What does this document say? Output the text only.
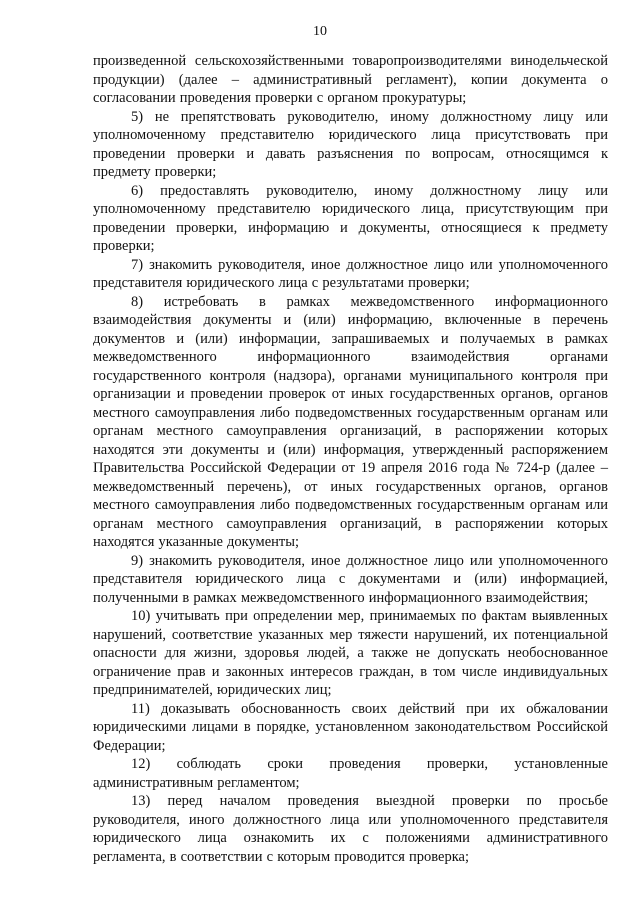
10

произведенной сельскохозяйственными товаропроизводителями винодельческой продукции) (далее – административный регламент), копии документа о согласовании проведения проверки с органом прокуратуры;

5) не препятствовать руководителю, иному должностному лицу или уполномоченному представителю юридического лица присутствовать при проведении проверки и давать разъяснения по вопросам, относящимся к предмету проверки;

6) предоставлять руководителю, иному должностному лицу или уполномоченному представителю юридического лица, присутствующим при проведении проверки, информацию и документы, относящиеся к предмету проверки;

7) знакомить руководителя, иное должностное лицо или уполномоченного представителя юридического лица с результатами проверки;

8) истребовать в рамках межведомственного информационного взаимодействия документы и (или) информацию, включенные в перечень документов и (или) информации, запрашиваемых и получаемых в рамках межведомственного информационного взаимодействия органами государственного контроля (надзора), органами муниципального контроля при организации и проведении проверок от иных государственных органов, органов местного самоуправления либо подведомственных государственным органам или органам местного самоуправления организаций, в распоряжении которых находятся эти документы и (или) информация, утвержденный распоряжением Правительства Российской Федерации от 19 апреля 2016 года № 724-р (далее – межведомственный перечень), от иных государственных органов, органов местного самоуправления либо подведомственных государственным органам или органам местного самоуправления организаций, в распоряжении которых находятся указанные документы;

9) знакомить руководителя, иное должностное лицо или уполномоченного представителя юридического лица с документами и (или) информацией, полученными в рамках межведомственного информационного взаимодействия;

10) учитывать при определении мер, принимаемых по фактам выявленных нарушений, соответствие указанных мер тяжести нарушений, их потенциальной опасности для жизни, здоровья людей, а также не допускать необоснованное ограничение прав и законных интересов граждан, в том числе индивидуальных предпринимателей, юридических лиц;

11) доказывать обоснованность своих действий при их обжаловании юридическими лицами в порядке, установленном законодательством Российской Федерации;

12) соблюдать сроки проведения проверки, установленные административным регламентом;

13) перед началом проведения выездной проверки по просьбе руководителя, иного должностного лица или уполномоченного представителя юридического лица ознакомить их с положениями административного регламента, в соответствии с которым проводится проверка;
